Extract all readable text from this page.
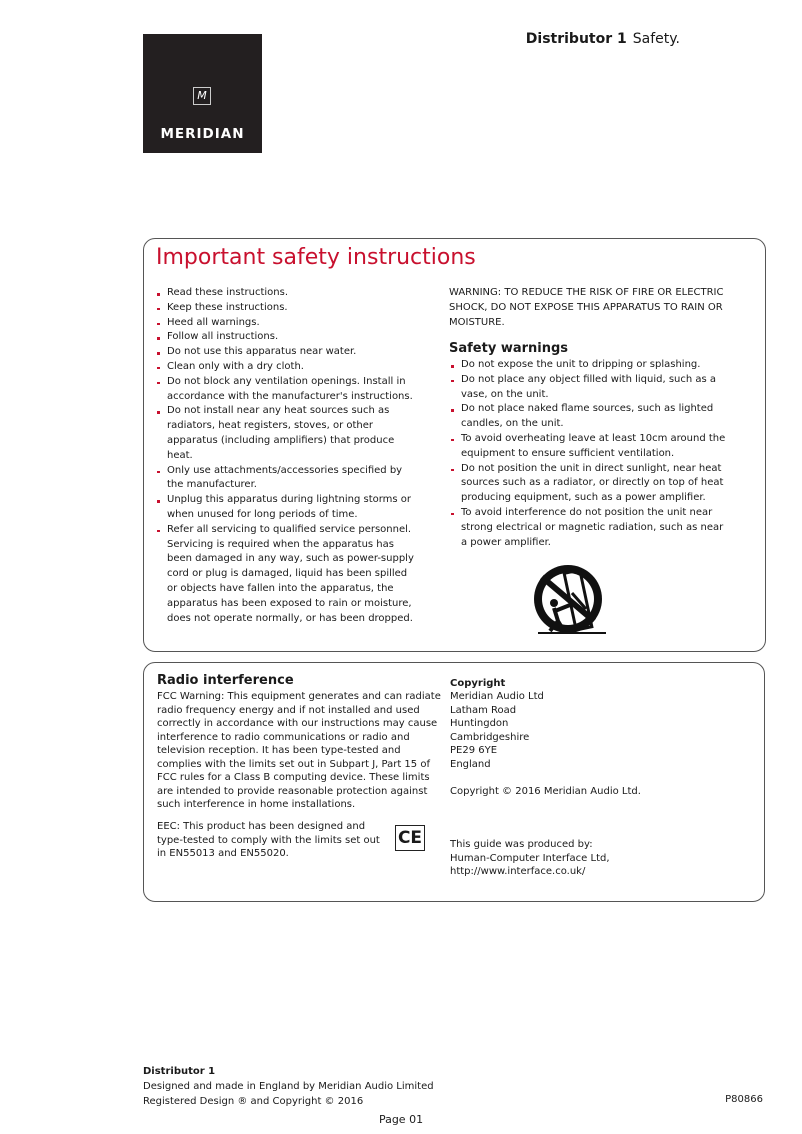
M
MERIDIAN
Distributor 1 Safety.
Important safety instructions
Read these instructions.
Keep these instructions.
Heed all warnings.
Follow all instructions.
Do not use this apparatus near water.
Clean only with a dry cloth.
Do not block any ventilation openings. Install in accordance with the manufacturer's instructions.
Do not install near any heat sources such as radiators, heat registers, stoves, or other apparatus (including amplifiers) that produce heat.
Only use attachments/accessories specified by the manufacturer.
Unplug this apparatus during lightning storms or when unused for long periods of time.
Refer all servicing to qualified service personnel. Servicing is required when the apparatus has been damaged in any way, such as power-supply cord or plug is damaged, liquid has been spilled or objects have fallen into the apparatus, the apparatus has been exposed to rain or moisture, does not operate normally, or has been dropped.
WARNING: TO REDUCE THE RISK OF FIRE OR ELECTRIC SHOCK, DO NOT EXPOSE THIS APPARATUS TO RAIN OR MOISTURE.
Safety warnings
Do not expose the unit to dripping or splashing.
Do not place any object filled with liquid, such as a vase, on the unit.
Do not place naked flame sources, such as lighted candles, on the unit.
To avoid overheating leave at least 10cm around the equipment to ensure sufficient ventilation.
Do not position the unit in direct sunlight, near heat sources such as a radiator, or directly on top of heat producing equipment, such as a power amplifier.
To avoid interference do not position the unit near strong electrical or magnetic radiation, such as near a power amplifier.
Radio interference
FCC Warning: This equipment generates and can radiate radio frequency energy and if not installed and used correctly in accordance with our instructions may cause interference to radio communications or radio and television reception. It has been type-tested and complies with the limits set out in Subpart J, Part 15 of FCC rules for a Class B computing device. These limits are intended to provide reasonable protection against such interference in home installations.
EEC: This product has been designed and type-tested to comply with the limits set out in EN55013 and EN55020.
CE
Copyright
Meridian Audio Ltd
Latham Road
Huntingdon
Cambridgeshire
PE29 6YE
England
Copyright © 2016 Meridian Audio Ltd.
This guide was produced by:
Human-Computer Interface Ltd,
http://www.interface.co.uk/
Distributor 1
Designed and made in England by Meridian Audio Limited
Registered Design ® and Copyright © 2016	P80866
Page 01
